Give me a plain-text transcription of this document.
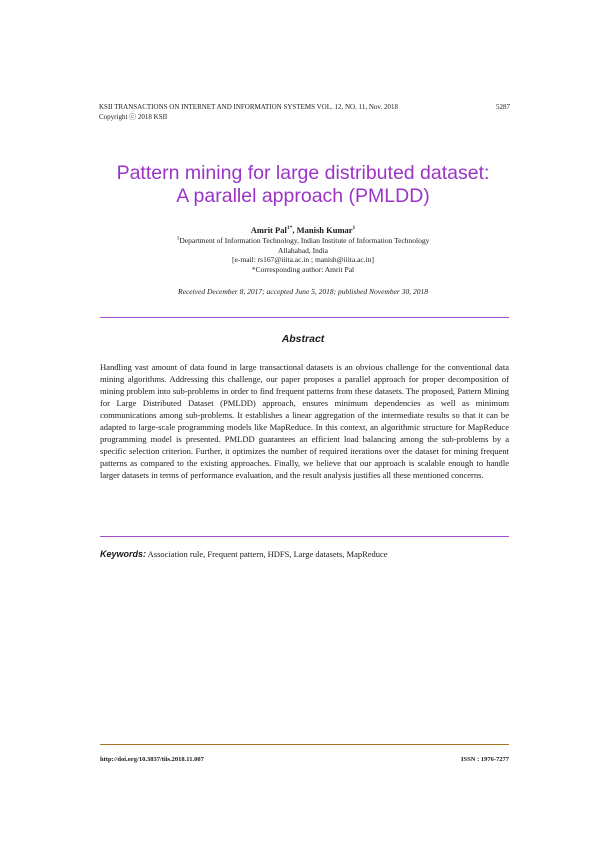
KSII TRANSACTIONS ON INTERNET AND INFORMATION SYSTEMS VOL. 12, NO. 11, Nov. 2018	5287
Copyright ⓒ 2018 KSII
Pattern mining for large distributed dataset:
A parallel approach (PMLDD)
Amrit Pal$^{1*}$, Manish Kumar$^1$
$^1$Department of Information Technology, Indian Institute of Information Technology
Allahabad, India
[e-mail: rs167@iiita.ac.in ; manish@iiita.ac.in]
*Corresponding author: Amrit Pal
Received December 8, 2017; accepted June 5, 2018; published November 30, 2018
Abstract

Handling vast amount of data found in large transactional datasets is an obvious challenge for the conventional data mining algorithms. Addressing this challenge, our paper proposes a parallel approach for proper decomposition of mining problem into sub-problems in order to find frequent patterns from these datasets. The proposed, Pattern Mining for Large Distributed Dataset (PMLDD) approach, ensures minimum dependencies as well as minimum communications among sub-problems. It establishes a linear aggregation of the intermediate results so that it can be adapted to large-scale programming models like MapReduce. In this context, an algorithmic structure for MapReduce programming model is presented. PMLDD guarantees an efficient load balancing among the sub-problems by a specific selection criterion. Further, it optimizes the number of required iterations over the dataset for mining frequent patterns as compared to the existing approaches. Finally, we believe that our approach is scalable enough to handle larger datasets in terms of performance evaluation, and the result analysis justifies all these mentioned concerns.

Keywords: Association rule, Frequent pattern, HDFS, Large datasets, MapReduce
http://doi.org/10.3837/tiis.2018.11.007	ISSN : 1976-7277
